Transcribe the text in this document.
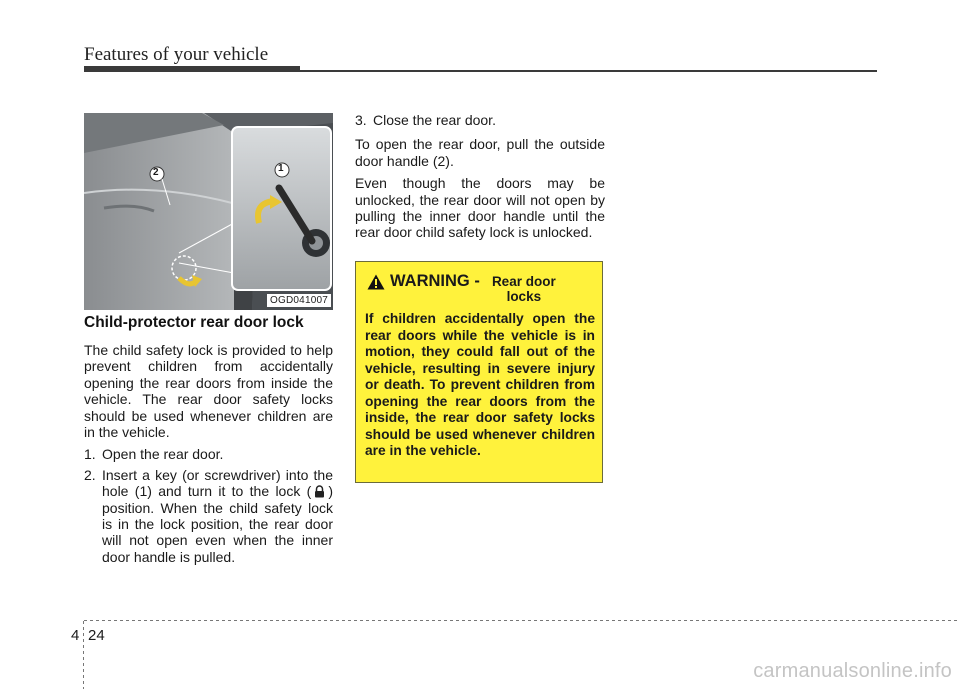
Features of your vehicle
1
2
OGD041007
Child-protector rear door lock

The child safety lock is provided to help prevent children from accidentally opening the rear doors from inside the vehicle. The rear door safety locks should be used whenever children are in the vehicle.

1. Open the rear door.
2. Insert a key (or screwdriver) into the hole (1) and turn it to the lock ( ) position. When the child safety lock is in the lock position, the rear door will not open even when the inner door handle is pulled.
3. Close the rear door.

To open the rear door, pull the outside door handle (2).

Even though the doors may be unlocked, the rear door will not open by pulling the inner door handle until the rear door child safety lock is unlocked.

WARNING - Rear door locks

If children accidentally open the rear doors while the vehicle is in motion, they could fall out of the vehicle, resulting in severe injury or death. To prevent children from opening the rear doors from the inside, the rear door safety locks should be used whenever children are in the vehicle.

4 24
carmanualsonline.info
